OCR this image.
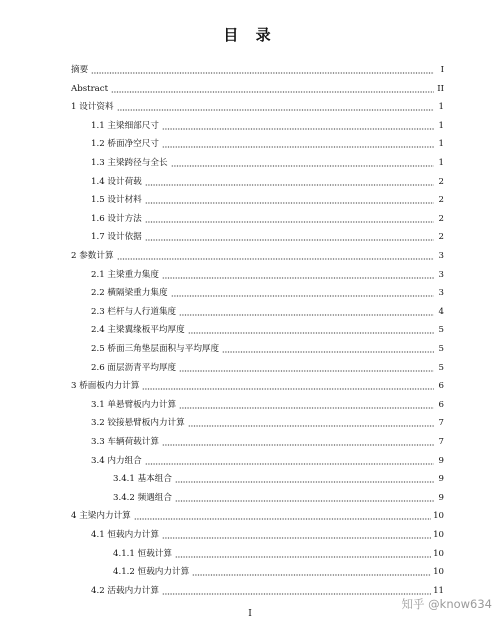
目 录
摘要	I
Abstract	II
1 设计资料	1
1.1 主梁细部尺寸	1
1.2 桥面净空尺寸	1
1.3 主梁跨径与全长	1
1.4 设计荷载	2
1.5 设计材料	2
1.6 设计方法	2
1.7 设计依据	2
2 参数计算	3
2.1 主梁重力集度	3
2.2 横隔梁重力集度	3
2.3 栏杆与人行道集度	4
2.4 主梁翼缘板平均厚度	5
2.5 桥面三角垫层面积与平均厚度	5
2.6 面层沥青平均厚度	5
3 桥面板内力计算	6
3.1 单悬臂板内力计算	6
3.2 铰接悬臂板内力计算	7
3.3 车辆荷载计算	7
3.4 内力组合	9
3.4.1 基本组合	9
3.4.2 频遇组合	9
4 主梁内力计算	10
4.1 恒载内力计算	10
4.1.1 恒载计算	10
4.1.2 恒载内力计算	10
4.2 活载内力计算	11
I
知乎 @know634
